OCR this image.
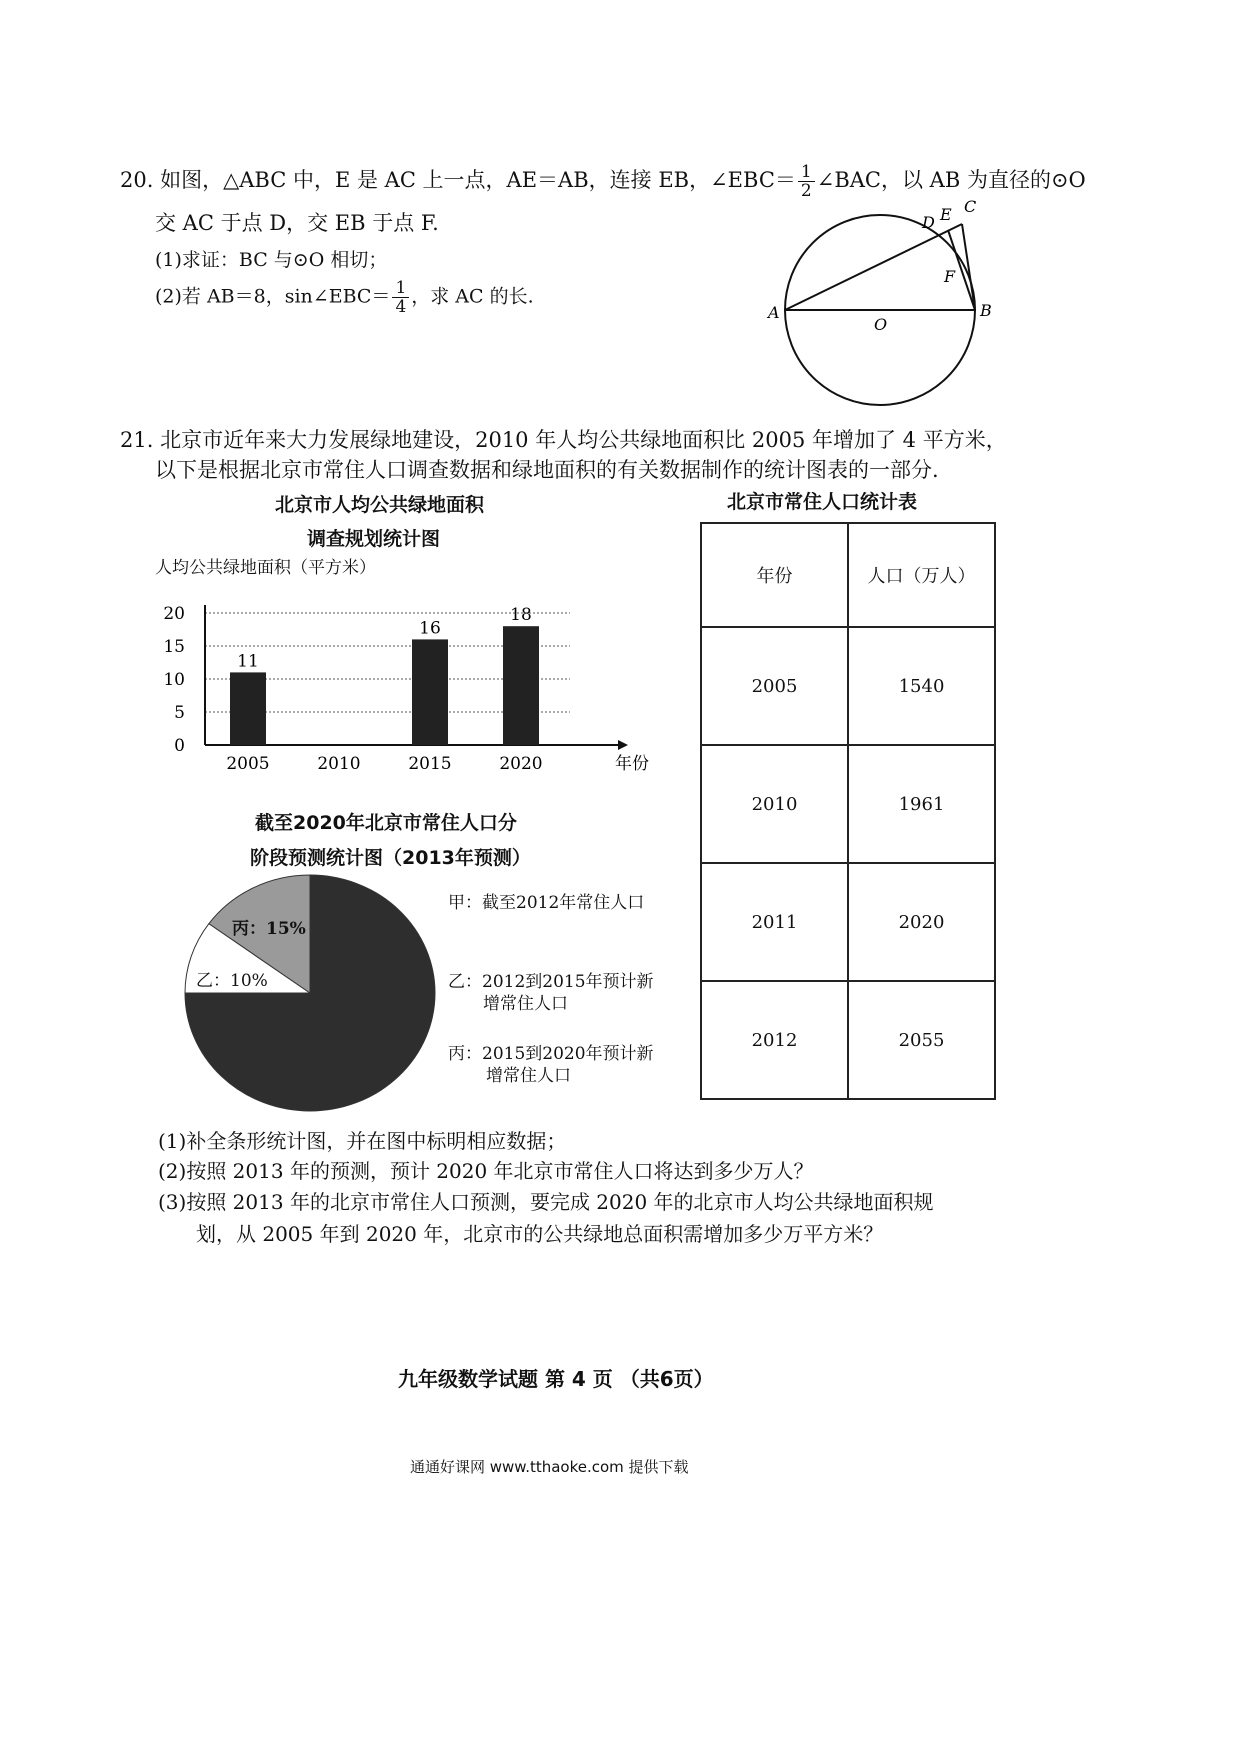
20. 如图，△ABC 中，E 是 AC 上一点，AE＝AB，连接 EB，∠EBC＝ $\frac{1}{2}$ ∠BAC，以 AB 为直径的⊙O
交 AC 于点 D，交 EB 于点 F.
(1)求证：BC 与⊙O 相切；
(2)若 AB＝8，sin∠EBC＝ $\frac{1}{4}$ ，求 AC 的长.
A	B
C
D E
F
O
21. 北京市近年来大力发展绿地建设，2010 年人均公共绿地面积比 2005 年增加了 4 平方米，
以下是根据北京市常住人口调查数据和绿地面积的有关数据制作的统计图表的一部分.
北京市人均公共绿地面积
调查规划统计图
人均公共绿地面积（平方米）
0
5
10
15
20
11
2005	2010
16
2015
18
2020	年份
截至2020年北京市常住人口分
阶段预测统计图（2013年预测）
丙：15%
乙：10%
甲：截至2012年常住人口
乙：2012到2015年预计新
增常住人口
丙：2015到2020年预计新
增常住人口
北京市常住人口统计表
年份	人口（万人）
2005	1540
2010	1961
2011	2020
2012	2055
(1)补全条形统计图，并在图中标明相应数据；
(2)按照 2013 年的预测，预计 2020 年北京市常住人口将达到多少万人？
(3)按照 2013 年的北京市常住人口预测，要完成 2020 年的北京市人均公共绿地面积规
划，从 2005 年到 2020 年，北京市的公共绿地总面积需增加多少万平方米？
九年级数学试题 第 4 页 （共6页）
通通好课网 www.tthaoke.com 提供下载
